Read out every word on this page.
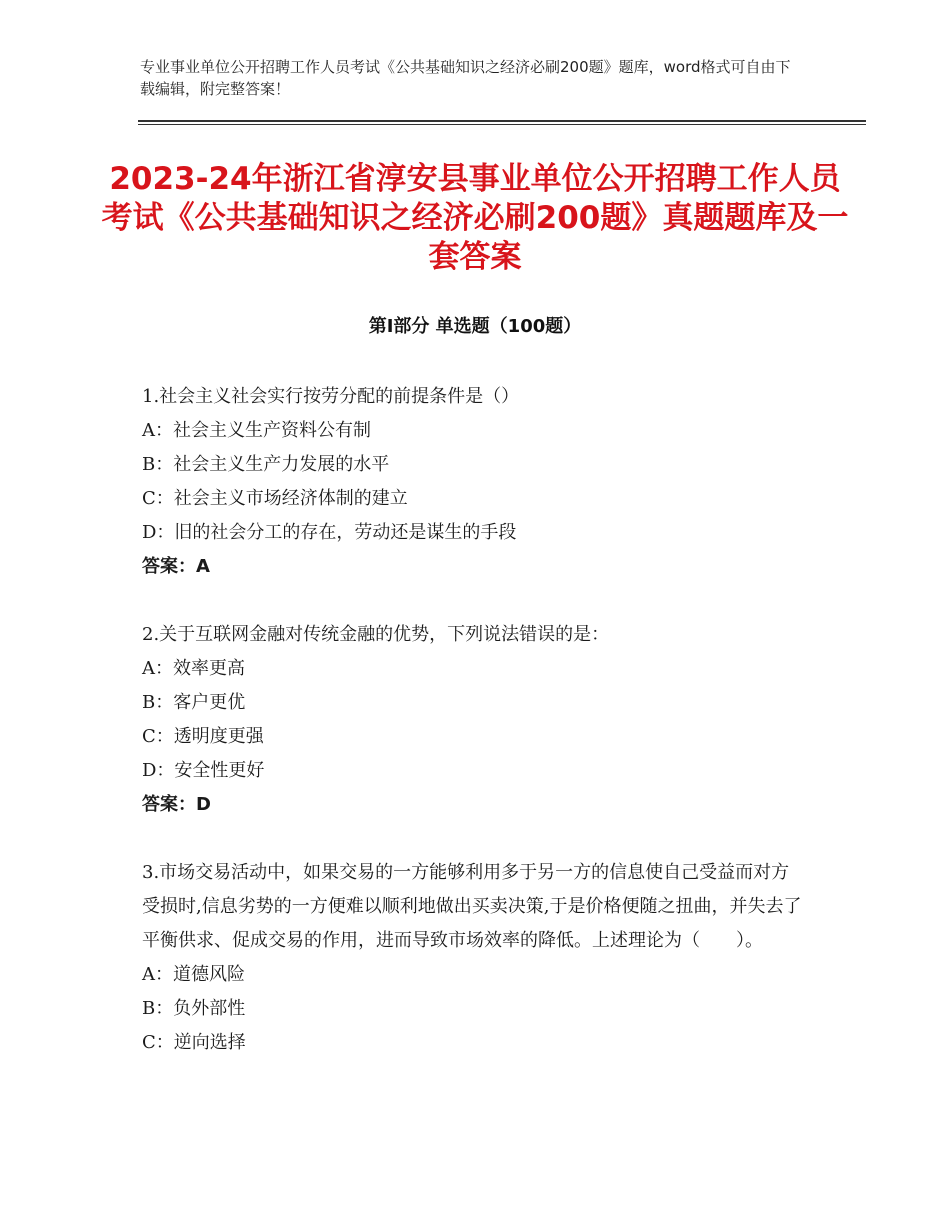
专业事业单位公开招聘工作人员考试《公共基础知识之经济必刷200题》题库，word格式可自由下载编辑，附完整答案！
2023-24年浙江省淳安县事业单位公开招聘工作人员考试《公共基础知识之经济必刷200题》真题题库及一套答案
第Ⅰ部分 单选题（100题）

1.社会主义社会实行按劳分配的前提条件是（）

A：社会主义生产资料公有制

B：社会主义生产力发展的水平

C：社会主义市场经济体制的建立

D：旧的社会分工的存在，劳动还是谋生的手段

答案：A

2.关于互联网金融对传统金融的优势，下列说法错误的是：

A：效率更高

B：客户更优

C：透明度更强

D：安全性更好

答案：D

3.市场交易活动中，如果交易的一方能够利用多于另一方的信息使自己受益而对方受损时,信息劣势的一方便难以顺利地做出买卖决策,于是价格便随之扭曲，并失去了平衡供求、促成交易的作用，进而导致市场效率的降低。上述理论为（　　）。

A：道德风险

B：负外部性

C：逆向选择
